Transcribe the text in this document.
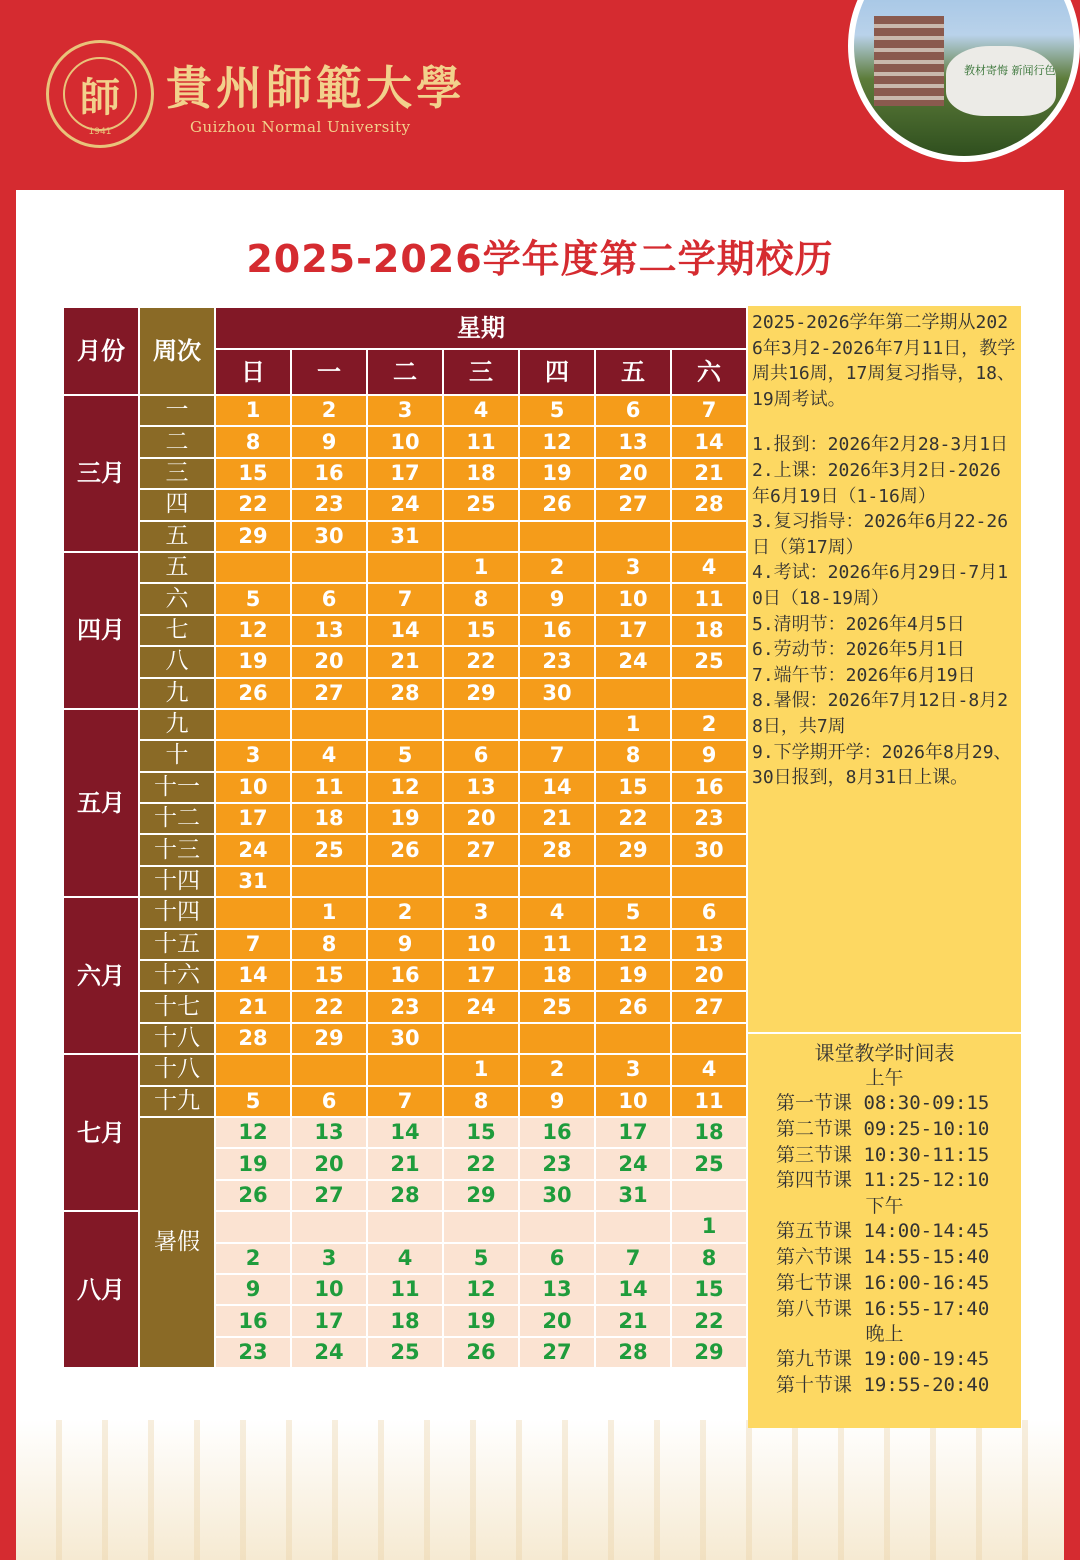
師
1941
貴州師範大學
Guizhou Normal University
教材寄悔 新闻行色
2025-2026学年度第二学期校历
月份	周次	星期						
		日	一	二	三	四	五	六
三月	一	1	2	3	4	5	6	7
	二	8	9	10	11	12	13	14
	三	15	16	17	18	19	20	21
	四	22	23	24	25	26	27	28
	五	29	30	31				
四月	五				1	2	3	4
	六	5	6	7	8	9	10	11
	七	12	13	14	15	16	17	18
	八	19	20	21	22	23	24	25
	九	26	27	28	29	30		
五月	九						1	2
	十	3	4	5	6	7	8	9
	十一	10	11	12	13	14	15	16
	十二	17	18	19	20	21	22	23
	十三	24	25	26	27	28	29	30
	十四	31						
六月	十四		1	2	3	4	5	6
	十五	7	8	9	10	11	12	13
	十六	14	15	16	17	18	19	20
	十七	21	22	23	24	25	26	27
	十八	28	29	30				
七月	十八				1	2	3	4
	十九	5	6	7	8	9	10	11
	暑假	12	13	14	15	16	17	18
		19	20	21	22	23	24	25
		26	27	28	29	30	31	
八月								1
		2	3	4	5	6	7	8
		9	10	11	12	13	14	15
		16	17	18	19	20	21	22
		23	24	25	26	27	28	29

2025-2026学年第二学期从2026年3月2-2026年7月11日，教学周共16周，17周复习指导，18、19周考试。

1.报到：2026年2月28-3月1日

2.上课：2026年3月2日-2026年6月19日（1-16周）

3.复习指导：2026年6月22-26日（第17周）

4.考试：2026年6月29日-7月10日（18-19周）

5.清明节：2026年4月5日

6.劳动节：2026年5月1日

7.端午节：2026年6月19日

8.暑假：2026年7月12日-8月28日，共7周

9.下学期开学：2026年8月29、30日报到，8月31日上课。

课堂教学时间表
上午
第一节课 08:30-09:15
第二节课 09:25-10:10
第三节课 10:30-11:15
第四节课 11:25-12:10
下午
第五节课 14:00-14:45
第六节课 14:55-15:40
第七节课 16:00-16:45
第八节课 16:55-17:40
晚上
第九节课 19:00-19:45
第十节课 19:55-20:40
